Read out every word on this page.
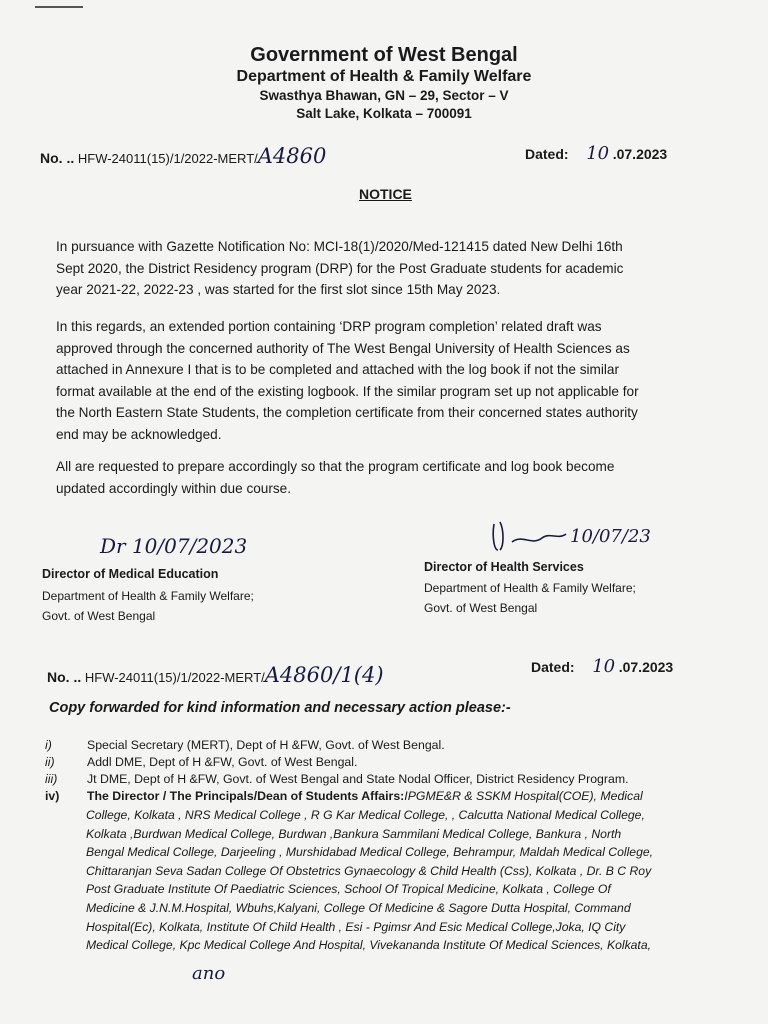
Government of West Bengal
Department of Health & Family Welfare
Swasthya Bhawan, GN – 29, Sector – V
Salt Lake, Kolkata – 700091
No. .. HFW-24011(15)/1/2022-MERT/A4860	Dated: 10 .07.2023
NOTICE
In pursuance with Gazette Notification No: MCI-18(1)/2020/Med-121415 dated New Delhi 16th
Sept 2020, the District Residency program (DRP) for the Post Graduate students for academic
year 2021-22, 2022-23 , was started for the first slot since 15th May 2023.
In this regards, an extended portion containing ‘DRP program completion’ related draft was
approved through the concerned authority of The West Bengal University of Health Sciences as
attached in Annexure I that is to be completed and attached with the log book if not the similar
format available at the end of the existing logbook. If the similar program set up not applicable for
the North Eastern State Students, the completion certificate from their concerned states authority
end may be acknowledged.
All are requested to prepare accordingly so that the program certificate and log book become
updated accordingly within due course.
Dr 10/07/2023
Director of Medical Education
Department of Health & Family Welfare;
Govt. of West Bengal
10/07/23
Director of Health Services
Department of Health & Family Welfare;
Govt. of West Bengal
No. .. HFW-24011(15)/1/2022-MERT/A4860/1(4)	Dated: 10 .07.2023
Copy forwarded for kind information and necessary action please:-
i)	Special Secretary (MERT), Dept of H &FW, Govt. of West Bengal.
ii)	Addl DME, Dept of H &FW, Govt. of West Bengal.
iii)	Jt DME, Dept of H &FW, Govt. of West Bengal and State Nodal Officer, District Residency Program.
iv)	The Director / The Principals/Dean of Students Affairs:IPGME&R & SSKM Hospital(COE), Medical
College, Kolkata , NRS Medical College , R G Kar Medical College, , Calcutta National Medical College,
Kolkata ,Burdwan Medical College, Burdwan ,Bankura Sammilani Medical College, Bankura , North
Bengal Medical College, Darjeeling , Murshidabad Medical College, Behrampur, Maldah Medical College,
Chittaranjan Seva Sadan College Of Obstetrics Gynaecology & Child Health (Css), Kolkata , Dr. B C Roy
Post Graduate Institute Of Paediatric Sciences, School Of Tropical Medicine, Kolkata , College Of
Medicine & J.N.M.Hospital, Wbuhs,Kalyani, College Of Medicine & Sagore Dutta Hospital, Command
Hospital(Ec), Kolkata, Institute Of Child Health , Esi - Pgimsr And Esic Medical College,Joka, IQ City
Medical College, Kpc Medical College And Hospital, Vivekananda Institute Of Medical Sciences, Kolkata,
ano
